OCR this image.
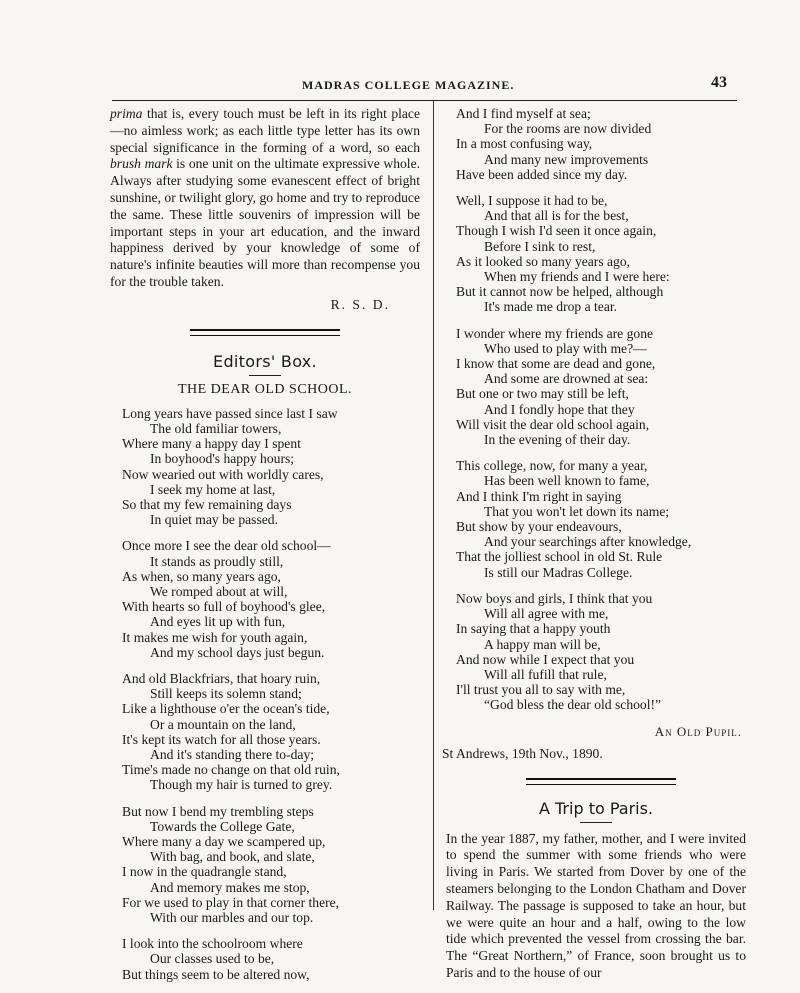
MADRAS COLLEGE MAGAZINE.	43

prima that is, every touch must be left in its right place—no aimless work; as each little type letter has its own special significance in the forming of a word, so each brush mark is one unit on the ultimate expressive whole. Always after studying some evanescent effect of bright sunshine, or twilight glory, go home and try to reproduce the same. These little souvenirs of impression will be important steps in your art education, and the inward happiness derived by your knowledge of some of nature's infinite beauties will more than recompense you for the trouble taken.

R. S. D.
Editors' Box.
THE DEAR OLD SCHOOL.
Long years have passed since last I saw
The old familiar towers,
Where many a happy day I spent
In boyhood's happy hours;
Now wearied out with worldly cares,
I seek my home at last,
So that my few remaining days
In quiet may be passed.
Once more I see the dear old school—
It stands as proudly still,
As when, so many years ago,
We romped about at will,
With hearts so full of boyhood's glee,
And eyes lit up with fun,
It makes me wish for youth again,
And my school days just begun.
And old Blackfriars, that hoary ruin,
Still keeps its solemn stand;
Like a lighthouse o'er the ocean's tide,
Or a mountain on the land,
It's kept its watch for all those years.
And it's standing there to-day;
Time's made no change on that old ruin,
Though my hair is turned to grey.
But now I bend my trembling steps
Towards the College Gate,
Where many a day we scampered up,
With bag, and book, and slate,
I now in the quadrangle stand,
And memory makes me stop,
For we used to play in that corner there,
With our marbles and our top.
I look into the schoolroom where
Our classes used to be,
But things seem to be altered now,
And I find myself at sea;
For the rooms are now divided
In a most confusing way,
And many new improvements
Have been added since my day.
Well, I suppose it had to be,
And that all is for the best,
Though I wish I'd seen it once again,
Before I sink to rest,
As it looked so many years ago,
When my friends and I were here:
But it cannot now be helped, although
It's made me drop a tear.
I wonder where my friends are gone
Who used to play with me?—
I know that some are dead and gone,
And some are drowned at sea:
But one or two may still be left,
And I fondly hope that they
Will visit the dear old school again,
In the evening of their day.
This college, now, for many a year,
Has been well known to fame,
And I think I'm right in saying
That you won't let down its name;
But show by your endeavours,
And your searchings after knowledge,
That the jolliest school in old St. Rule
Is still our Madras College.
Now boys and girls, I think that you
Will all agree with me,
In saying that a happy youth
A happy man will be,
And now while I expect that you
Will all fufill that rule,
I'll trust you all to say with me,
“God bless the dear old school!”
An Old Pupil.
St Andrews, 19th Nov., 1890.
A Trip to Paris.

In the year 1887, my father, mother, and I were invited to spend the summer with some friends who were living in Paris. We started from Dover by one of the steamers belonging to the London Chatham and Dover Railway. The passage is supposed to take an hour, but we were quite an hour and a half, owing to the low tide which prevented the vessel from crossing the bar. The “Great Northern,” of France, soon brought us to Paris and to the house of our
